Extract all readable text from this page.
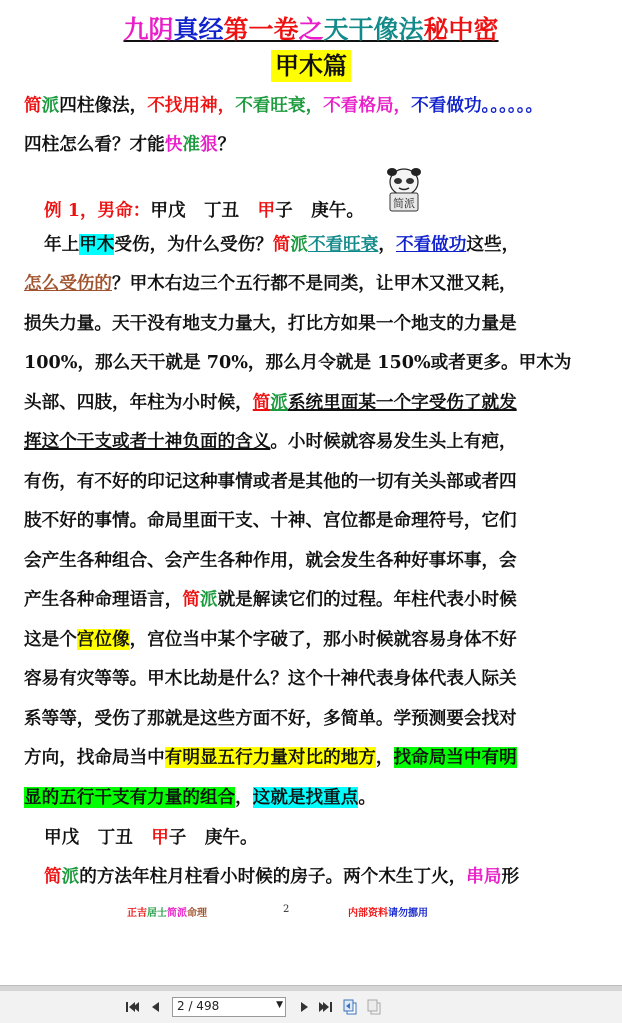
九阴真经第一卷之天干像法秘中密
甲木篇
简派四柱像法，不找用神，不看旺衰，不看格局，不看做功。。。。。。
四柱怎么看？才能快准狠？
例 1，男命：甲戊 丁丑 甲子 庚午。	简派
年上甲木受伤，为什么受伤？简派不看旺衰，不看做功这些，
怎么受伤的？甲木右边三个五行都不是同类，让甲木又泄又耗，
损失力量。天干没有地支力量大，打比方如果一个地支的力量是
100%，那么天干就是 70%，那么月令就是 150%或者更多。甲木为
头部、四肢，年柱为小时候，简派系统里面某一个字受伤了就发
挥这个干支或者十神负面的含义。小时候就容易发生头上有疤，
有伤，有不好的印记这种事情或者是其他的一切有关头部或者四
肢不好的事情。命局里面干支、十神、宫位都是命理符号，它们
会产生各种组合、会产生各种作用，就会发生各种好事坏事，会
产生各种命理语言，简派就是解读它们的过程。年柱代表小时候
这是个宫位像，宫位当中某个字破了，那小时候就容易身体不好
容易有灾等等。甲木比劫是什么？这个十神代表身体代表人际关
系等等，受伤了那就是这些方面不好，多简单。学预测要会找对
方向，找命局当中有明显五行力量对比的地方，找命局当中有明
显的五行干支有力量的组合，这就是找重点。
甲戊 丁丑 甲子 庚午。
简派的方法年柱月柱看小时候的房子。两个木生丁火，串局形
正吉居士简派命理	2	内部资料请勿挪用
2 / 498	▼
